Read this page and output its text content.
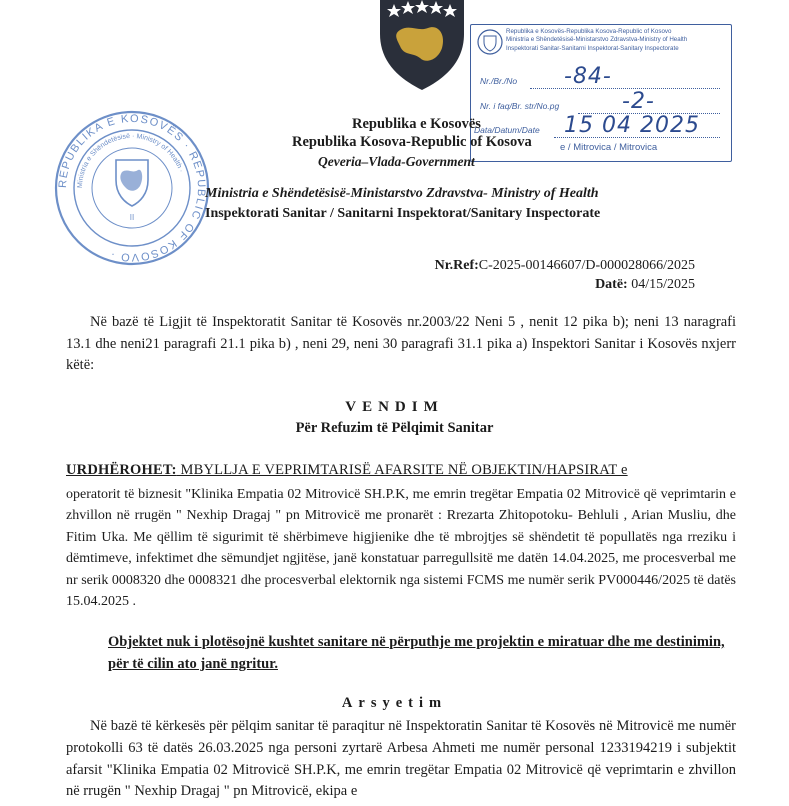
REPUBLIKA E KOSOVËS · REPUBLIC OF KOSOVO ·
Ministria e Shëndetësisë · Ministry of Health ·
II
Republika e Kosovës-Republika Kosova-Republic of Kosovo
Ministria e Shëndetësisë-Ministarstvo Zdravstva-Ministry of Health
Inspektorati Sanitar-Sanitarni Inspektorat-Sanitary Inspectorate
Nr./Br./No -84-
Nr. i faq/Br. str/No.pg	-2-
Data/Datum/Date 15 04 2025
e / Mitrovica / Mitrovica
Republika e Kosovës
Republika Kosova-Republic of Kosova
Qeveria–Vlada-Government
Ministria e Shëndetësisë-Ministarstvo Zdravstva- Ministry of Health
Inspektorati Sanitar / Sanitarni Inspektorat/Sanitary Inspectorate
Nr.Ref:C-2025-00146607/D-000028066/2025
Datë: 04/15/2025
Në bazë të Ligjit të Inspektoratit Sanitar të Kosovës nr.2003/22 Neni 5 , nenit 12 pika b); neni 13 naragrafi 13.1 dhe neni21 paragrafi 21.1 pika b) , neni 29, neni 30 paragrafi 31.1 pika a) Inspektori Sanitar i Kosovës nxjerr këtë:
VENDIM
Për Refuzim të Pëlqimit Sanitar
URDHËROHET: MBYLLJA E VEPRIMTARISË AFARSITE NË OBJEKTIN/HAPSIRAT e
operatorit të biznesit "Klinika Empatia 02 Mitrovicë SH.P.K, me emrin tregëtar Empatia 02 Mitrovicë që veprimtarin e zhvillon në rrugën " Nexhip Dragaj " pn Mitrovicë me pronarët : Rrezarta Zhitopotoku- Behluli , Arian Musliu, dhe Fitim Uka. Me qëllim të sigurimit të shërbimeve higjienike dhe të mbrojtjes së shëndetit të popullatës nga rreziku i dëmtimeve, infektimet dhe sëmundjet ngjitëse, janë konstatuar parregullsitë me datën 14.04.2025, me procesverbal me nr serik 0008320 dhe 0008321 dhe procesverbal elektornik nga sistemi FCMS me numër serik PV000446/2025 të datës 15.04.2025 .
Objektet nuk i plotësojnë kushtet sanitare në përputhje me projektin e miratuar dhe me destinimin, për të cilin ato janë ngritur.
Arsyetim
Në bazë të kërkesës për pëlqim sanitar të paraqitur në Inspektoratin Sanitar të Kosovës në Mitrovicë me numër protokolli 63 të datës 26.03.2025 nga personi zyrtarë Arbesa Ahmeti me numër personal 1233194219 i subjektit afarsit "Klinika Empatia 02 Mitrovicë SH.P.K, me emrin tregëtar Empatia 02 Mitrovicë që veprimtarin e zhvillon në rrugën " Nexhip Dragaj " pn Mitrovicë, ekipa e
